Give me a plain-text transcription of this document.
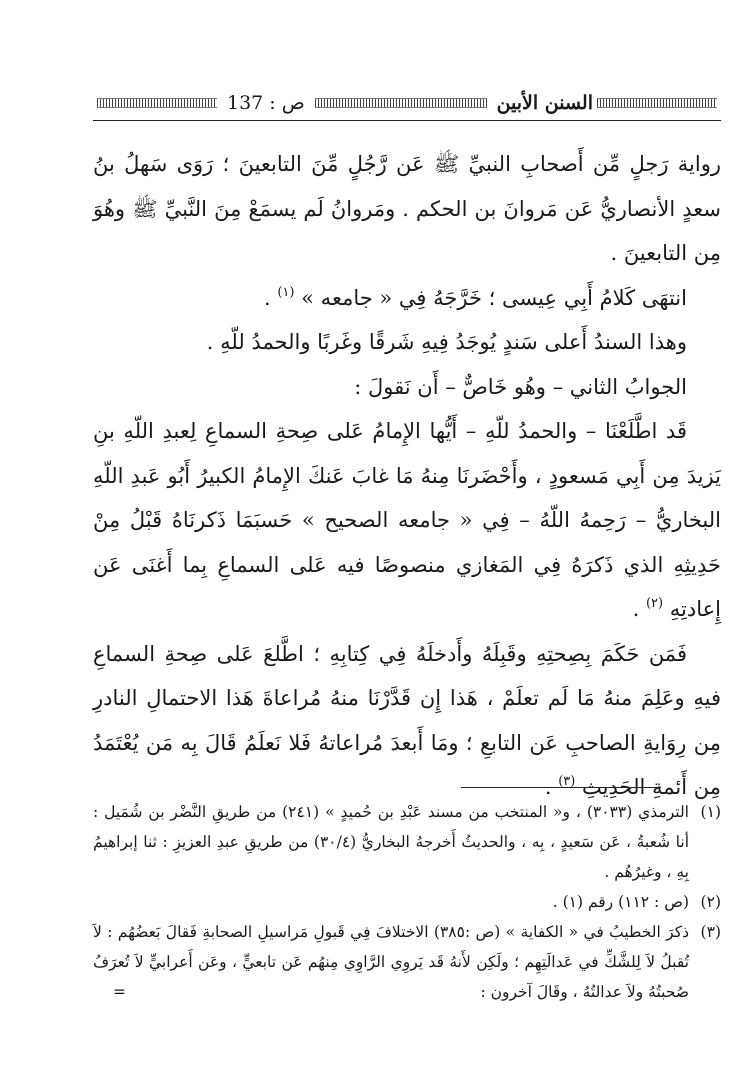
السنن الأبين
ص : 137

رواية رَجلٍ مِّن أَصحابِ النبيِّ ﷺ عَن رَّجُلٍ مِّنَ التابعينَ ؛ رَوَى سَهلُ بنُ سعدٍ الأنصاريُّ عَن مَروانَ بن الحكم . ومَروانُ لَم يسمَعْ مِنَ النَّبيِّ ﷺ وهُوَ مِن التابعينَ .

انتهَى كَلامُ أَبِي عِيسى ؛ خَرَّجَهُ فِي « جامعه » $^{(١)}$ .

وهذا السندُ أَعلى سَندٍ يُوجَدُ فِيهِ شَرقًا وغَربًا والحمدُ للّهِ .

الجوابُ الثاني – وهُو خَاصٌّ – أَن نَقولَ :

قَد اطَّلَعْنَا – والحمدُ للّهِ – أَيُّها الإِمامُ عَلى صِحةِ السماعِ لِعبدِ اللّهِ بنِ يَزيدَ مِن أَبِي مَسعودٍ ، وأَحْضَرنَا مِنهُ مَا غابَ عَنكَ الإِمامُ الكبيرُ أَبُو عَبدِ اللّهِ البخاريُّ – رَحِمهُ اللّهُ – فِي « جامعه الصحيح » حَسبَمَا ذَكرنَاهُ قَبْلُ مِنْ حَدِيثِهِ الذي ذَكرَهُ فِي المَغازي منصوصًا فيه عَلى السماعِ بِما أَغنَى عَن إِعادتِهِ $^{(٢)}$ .

فَمَن حَكَمَ بِصِحتِهِ وقَبِلَهُ وأَدخلَهُ فِي كِتابِهِ ؛ اطَّلعَ عَلى صِحةِ السماعِ فيهِ وعَلِمَ منهُ مَا لَم تعلَمْ ، هَذا إِن قَدَّرْنَا منهُ مُراعاةَ هَذا الاحتمالِ النادرِ مِن رِوَايةِ الصاحبِ عَن التابعِ ؛ ومَا أَبعدَ مُراعاتهُ فَلا نَعلَمُ قَالَ بِه مَن يُعْتَمَدُ مِن أَئمةِ الحَدِيثِ $^{(٣)}$ .

(١)
الترمذي (٣٠٣٣) ، و« المنتخب من مسند عَبْدِ بن حُميدٍ » (٢٤١) من طريقِ النَّضْر بن شُمَيل : أنا شُعبةُ ، عَن سَعيدٍ ، بِه ، والحديثُ أَخرجهُ البخاريُّ (٣٠/٤) من طريقِ عبدِ العزيزِ : ثنا إبراهيمُ بِهِ ، وغيرُهُم .
(٢)
(ص : ١١٢) رقم (١) .
(٣)
ذكرَ الخطيبُ في « الكفاية » (ص :٣٨٥) الاختلافَ فِي قَبولِ مَراسيلِ الصحابةِ فَقالَ بَعضُهُم : لاَ تُقبلُ لاَ لِلشَّكِّ في عَدالَتِهِم ؛ ولَكِن لأَنهُ قَد يَروِي الرَّاوِي مِنهُم عَن تابعيٍّ ، وعَن أَعرابيٍّ لاَ تُعرَفُ صُحبتُهُ ولاَ عدالتُهُ ، وقَالَ آخرون :
=
